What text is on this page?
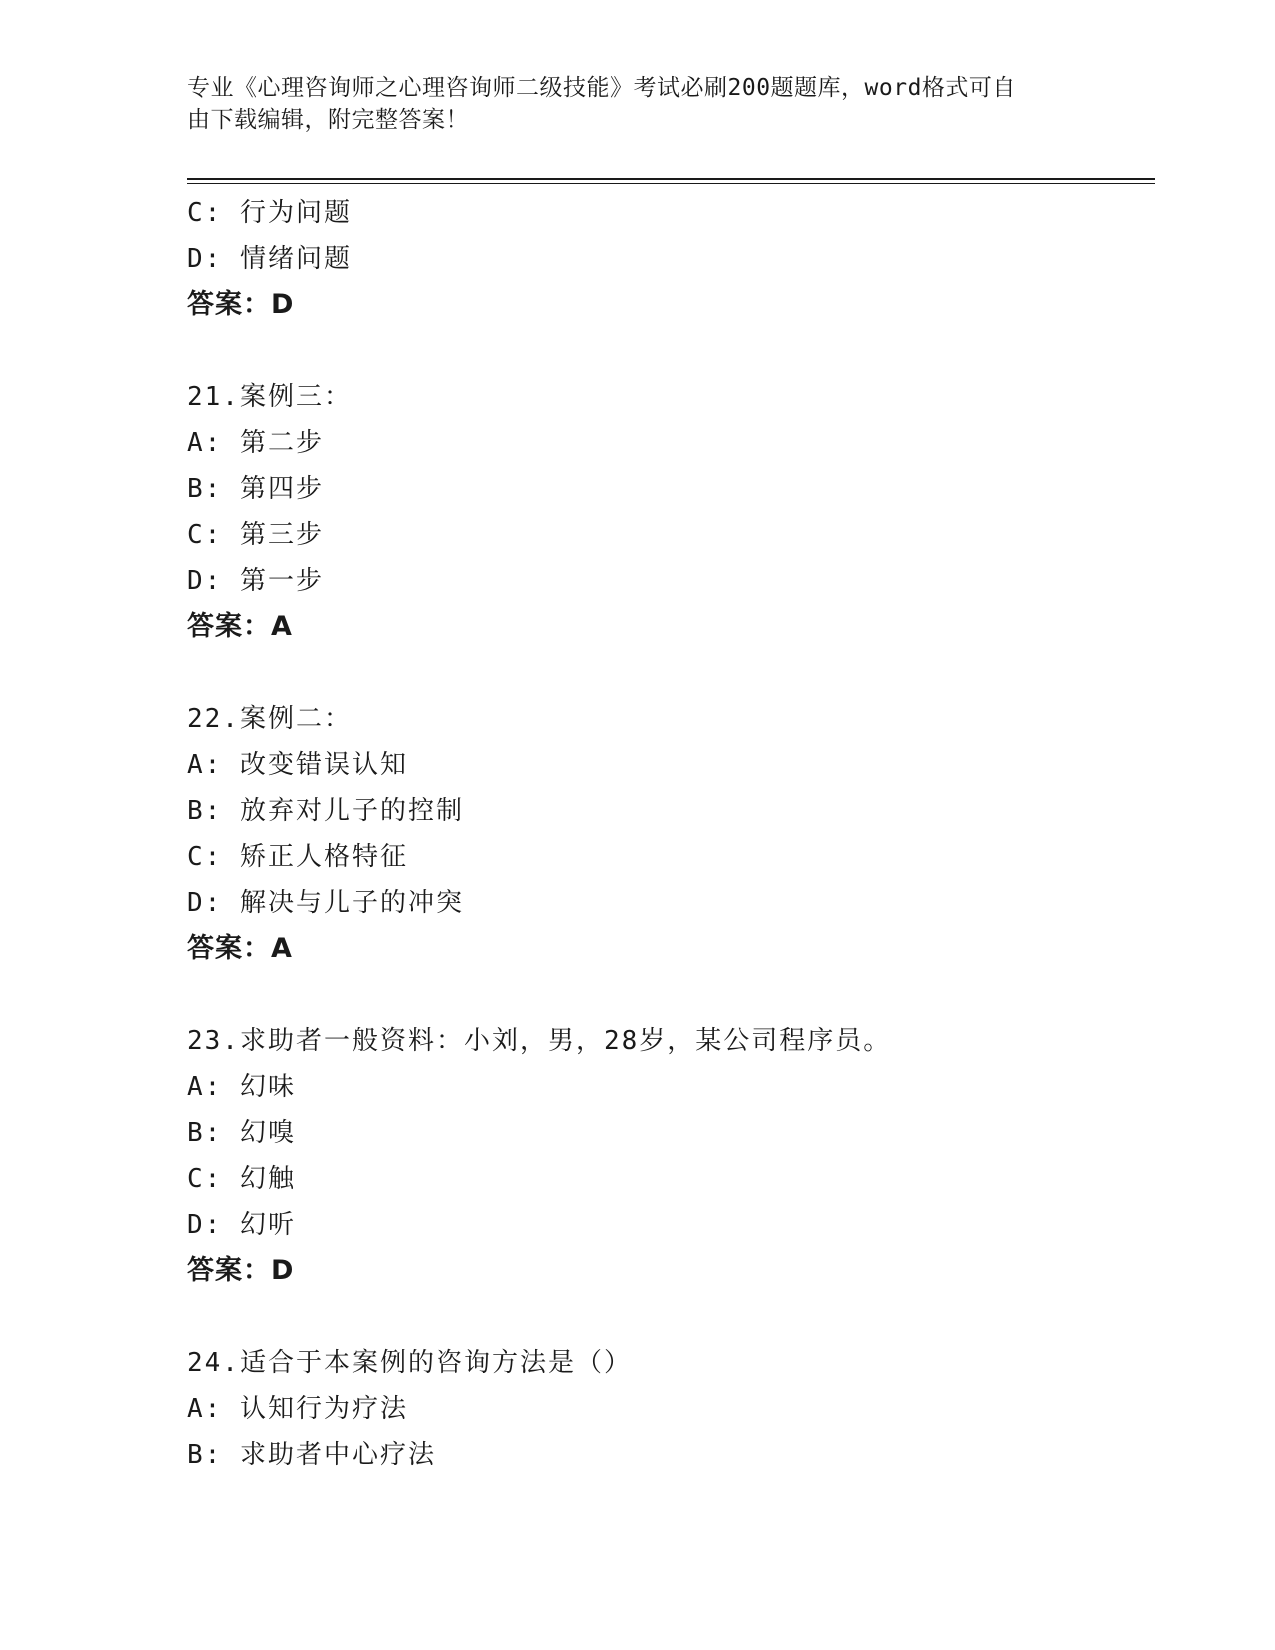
专业《心理咨询师之心理咨询师二级技能》考试必刷200题题库，word格式可自
由下载编辑，附完整答案！
C: 行为问题
D: 情绪问题
答案：D
21.案例三：
A: 第二步
B: 第四步
C: 第三步
D: 第一步
答案：A
22.案例二：
A: 改变错误认知
B: 放弃对儿子的控制
C: 矫正人格特征
D: 解决与儿子的冲突
答案：A
23.求助者一般资料：小刘，男，28岁，某公司程序员。
A: 幻味
B: 幻嗅
C: 幻触
D: 幻听
答案：D
24.适合于本案例的咨询方法是（）
A: 认知行为疗法
B: 求助者中心疗法
